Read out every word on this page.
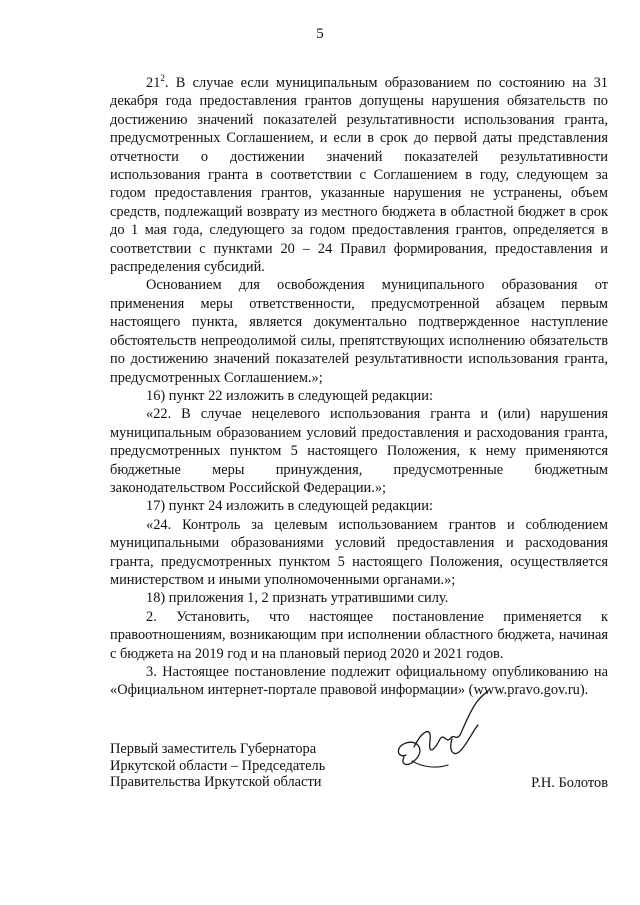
5

$21^2$. В случае если муниципальным образованием по состоянию на 31 декабря года предоставления грантов допущены нарушения обязательств по достижению значений показателей результативности использования гранта, предусмотренных Соглашением, и если в срок до первой даты представления отчетности о достижении значений показателей результативности использования гранта в соответствии с Соглашением в году, следующем за годом предоставления грантов, указанные нарушения не устранены, объем средств, подлежащий возврату из местного бюджета в областной бюджет в срок до 1 мая года, следующего за годом предоставления грантов, определяется в соответствии с пунктами 20 – 24 Правил формирования, предоставления и распределения субсидий.

Основанием для освобождения муниципального образования от применения меры ответственности, предусмотренной абзацем первым настоящего пункта, является документально подтвержденное наступление обстоятельств непреодолимой силы, препятствующих исполнению обязательств по достижению значений показателей результативности использования гранта, предусмотренных Соглашением.»;

16) пункт 22 изложить в следующей редакции:

«22. В случае нецелевого использования гранта и (или) нарушения муниципальным образованием условий предоставления и расходования гранта, предусмотренных пунктом 5 настоящего Положения, к нему применяются бюджетные меры принуждения, предусмотренные бюджетным законодательством Российской Федерации.»;

17) пункт 24 изложить в следующей редакции:

«24. Контроль за целевым использованием грантов и соблюдением муниципальными образованиями условий предоставления и расходования гранта, предусмотренных пунктом 5 настоящего Положения, осуществляется министерством и иными уполномоченными органами.»;

18) приложения 1, 2 признать утратившими силу.

2. Установить, что настоящее постановление применяется к правоотношениям, возникающим при исполнении областного бюджета, начиная с бюджета на 2019 год и на плановый период 2020 и 2021 годов.

3. Настоящее постановление подлежит официальному опубликованию на «Официальном интернет-портале правовой информации» (www.pravo.gov.ru).

Первый заместитель Губернатора
Иркутской области – Председатель
Правительства Иркутской области	Р.Н. Болотов
